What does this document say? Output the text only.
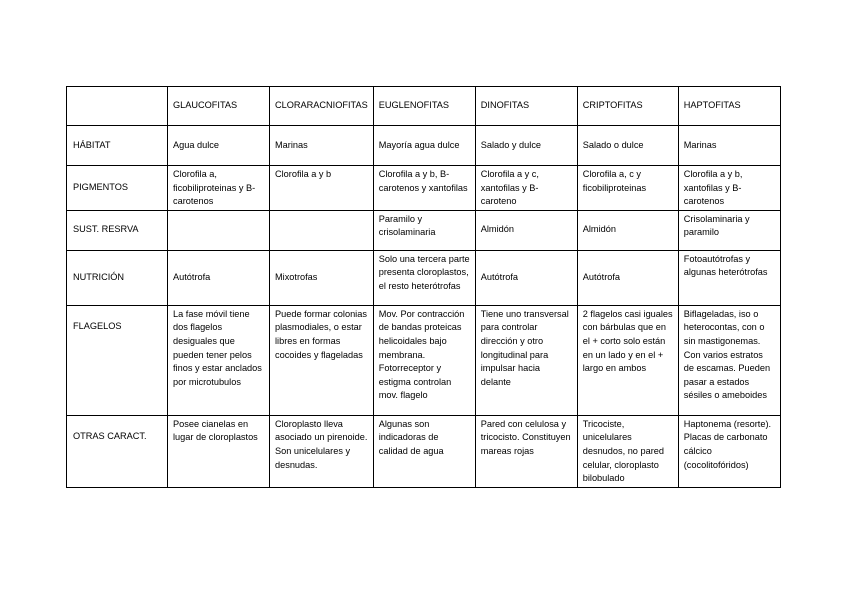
	GLAUCOFITAS	CLORARACNIOFITAS	EUGLENOFITAS	DINOFITAS	CRIPTOFITAS	HAPTOFITAS
HÁBITAT	Agua dulce	Marinas	Mayoría agua dulce	Salado y dulce	Salado o dulce	Marinas
PIGMENTOS	Clorofila a, ficobiliproteinas y B-carotenos	Clorofila a y b	Clorofila a y b, B-carotenos y xantofilas	Clorofila a y c, xantofilas y B-caroteno	Clorofila a, c y ficobiliproteinas	Clorofila a y b, xantofilas y B-carotenos
SUST. RESRVA			Paramilo y crisolaminaria	Almidón	Almidón	Crisolaminaria y paramilo
NUTRICIÓN	Autótrofa	Mixotrofas	Solo una tercera parte presenta cloroplastos, el resto heterótrofas	Autótrofa	Autótrofa	Fotoautótrofas y algunas heterótrofas
FLAGELOS	La fase móvil tiene dos flagelos desiguales que pueden tener pelos finos y estar anclados por microtubulos	Puede formar colonias plasmodiales, o estar libres en formas cocoides y flageladas	Mov. Por contracción de bandas proteicas helicoidales bajo membrana. Fotorreceptor y estigma controlan mov. flagelo	Tiene uno transversal para controlar dirección y otro longitudinal para impulsar hacia delante	2 flagelos casi iguales con bárbulas que en el + corto solo están en un lado y en el + largo en ambos	Biflageladas, iso o heterocontas, con o sin mastigonemas. Con varios estratos de escamas. Pueden pasar a estados sésiles o ameboides
OTRAS CARACT.	Posee cianelas en lugar de cloroplastos	Cloroplasto lleva asociado un pirenoide. Son unicelulares y desnudas.	Algunas son indicadoras de calidad de agua	Pared con celulosa y tricocisto. Constituyen mareas rojas	Tricociste, unicelulares desnudos, no pared celular, cloroplasto bilobulado	Haptonema (resorte). Placas de carbonato cálcico (cocolitofóridos)
